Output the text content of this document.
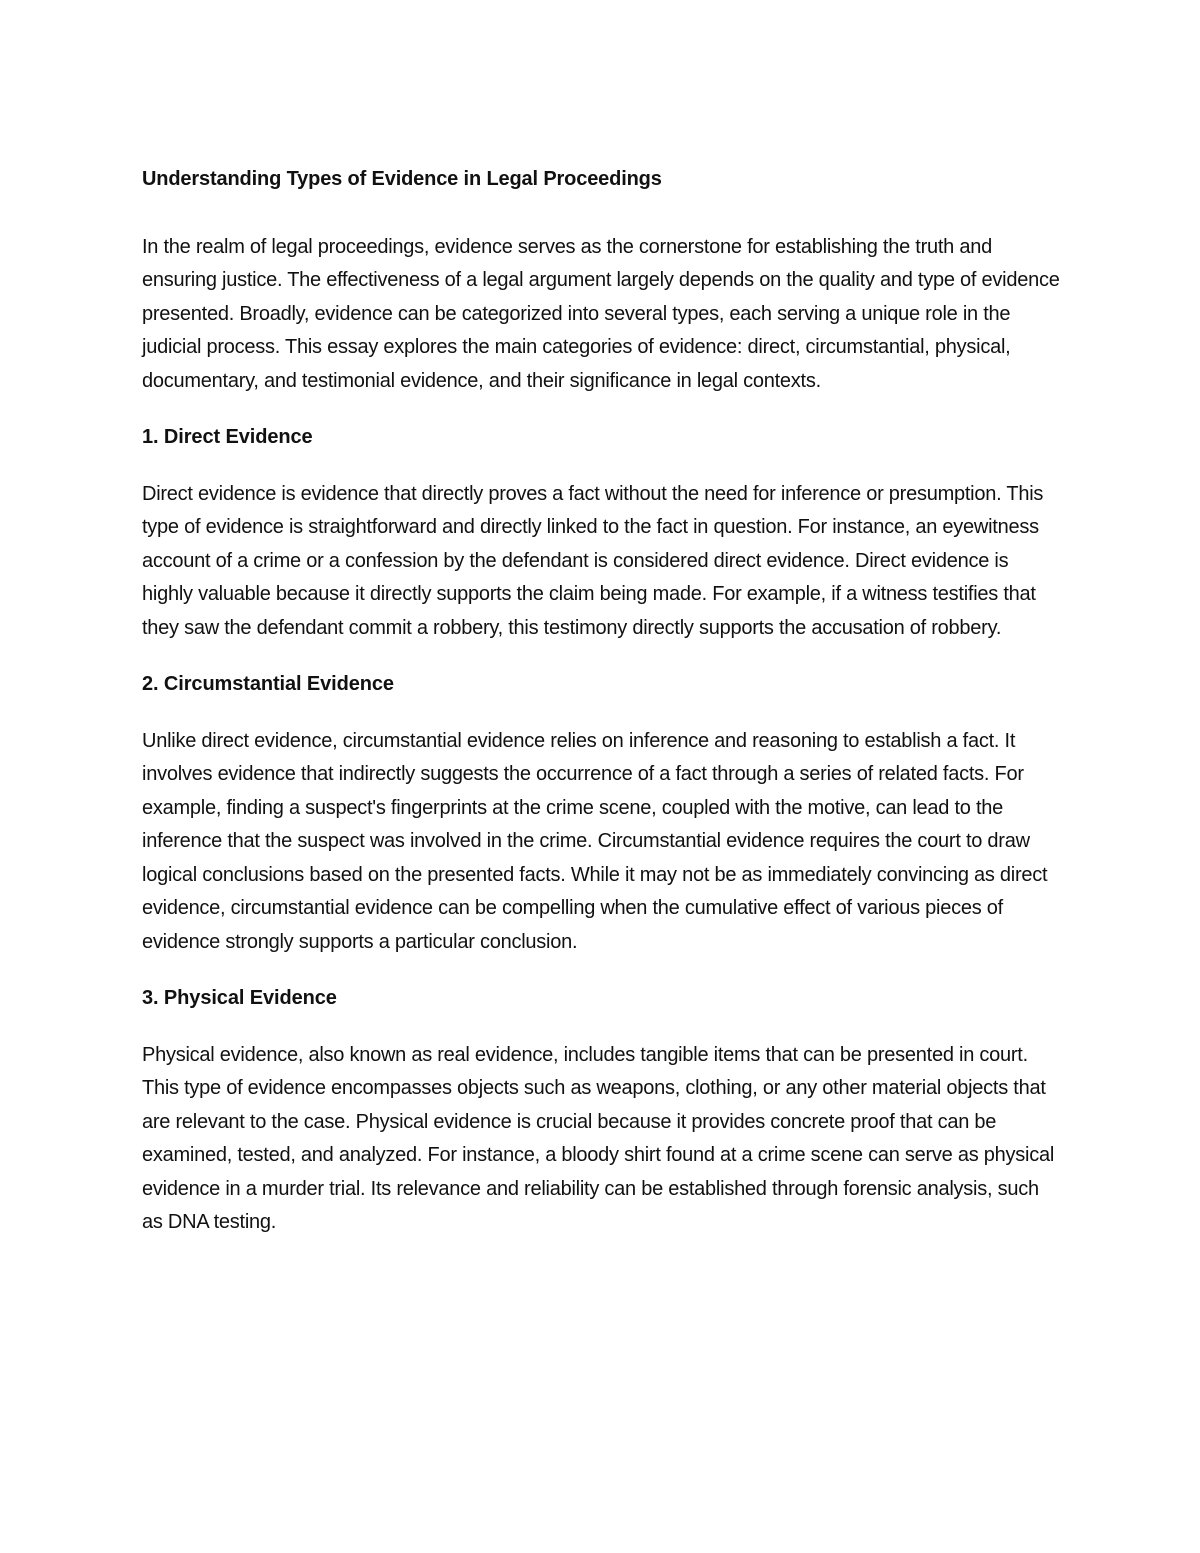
Understanding Types of Evidence in Legal Proceedings

In the realm of legal proceedings, evidence serves as the cornerstone for establishing the truth and ensuring justice. The effectiveness of a legal argument largely depends on the quality and type of evidence presented. Broadly, evidence can be categorized into several types, each serving a unique role in the judicial process. This essay explores the main categories of evidence: direct, circumstantial, physical, documentary, and testimonial evidence, and their significance in legal contexts.

1. Direct Evidence

Direct evidence is evidence that directly proves a fact without the need for inference or presumption. This type of evidence is straightforward and directly linked to the fact in question. For instance, an eyewitness account of a crime or a confession by the defendant is considered direct evidence. Direct evidence is highly valuable because it directly supports the claim being made. For example, if a witness testifies that they saw the defendant commit a robbery, this testimony directly supports the accusation of robbery.

2. Circumstantial Evidence

Unlike direct evidence, circumstantial evidence relies on inference and reasoning to establish a fact. It involves evidence that indirectly suggests the occurrence of a fact through a series of related facts. For example, finding a suspect's fingerprints at the crime scene, coupled with the motive, can lead to the inference that the suspect was involved in the crime. Circumstantial evidence requires the court to draw logical conclusions based on the presented facts. While it may not be as immediately convincing as direct evidence, circumstantial evidence can be compelling when the cumulative effect of various pieces of evidence strongly supports a particular conclusion.

3. Physical Evidence

Physical evidence, also known as real evidence, includes tangible items that can be presented in court. This type of evidence encompasses objects such as weapons, clothing, or any other material objects that are relevant to the case. Physical evidence is crucial because it provides concrete proof that can be examined, tested, and analyzed. For instance, a bloody shirt found at a crime scene can serve as physical evidence in a murder trial. Its relevance and reliability can be established through forensic analysis, such as DNA testing.
